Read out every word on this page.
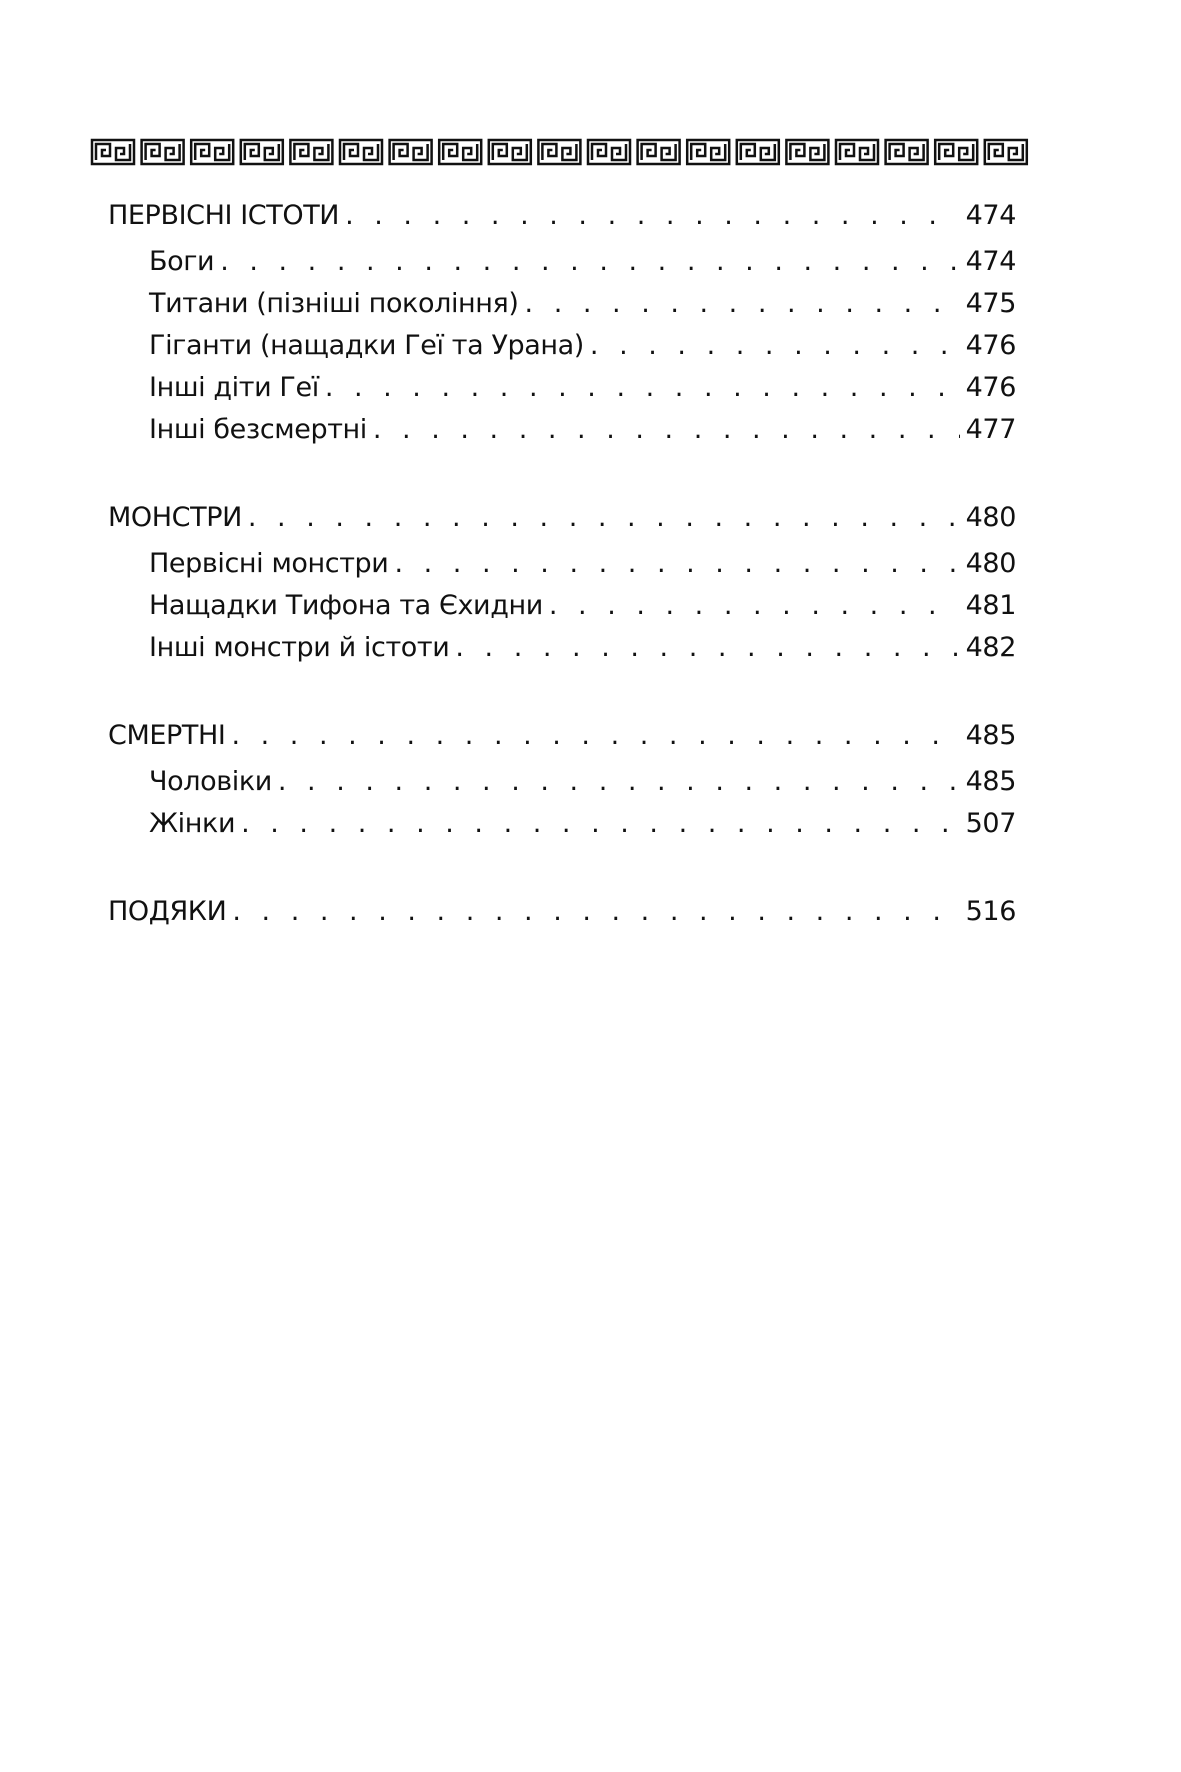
ПЕРВІСНІ ІСТОТИ . . .	474
Боги . . .	474
Титани (пізніші покоління) . . .	475
Гіганти (нащадки Геї та Урана) . . .	476
Інші діти Геї . . .	476
Інші безсмертні . . .	477
МОНСТРИ . . .	480
Первісні монстри . . .	480
Нащадки Тифона та Єхидни . . .	481
Інші монстри й істоти . . .	482
СМЕРТНІ . . .	485
Чоловіки . . .	485
Жінки . . .	507
ПОДЯКИ . . .	516
